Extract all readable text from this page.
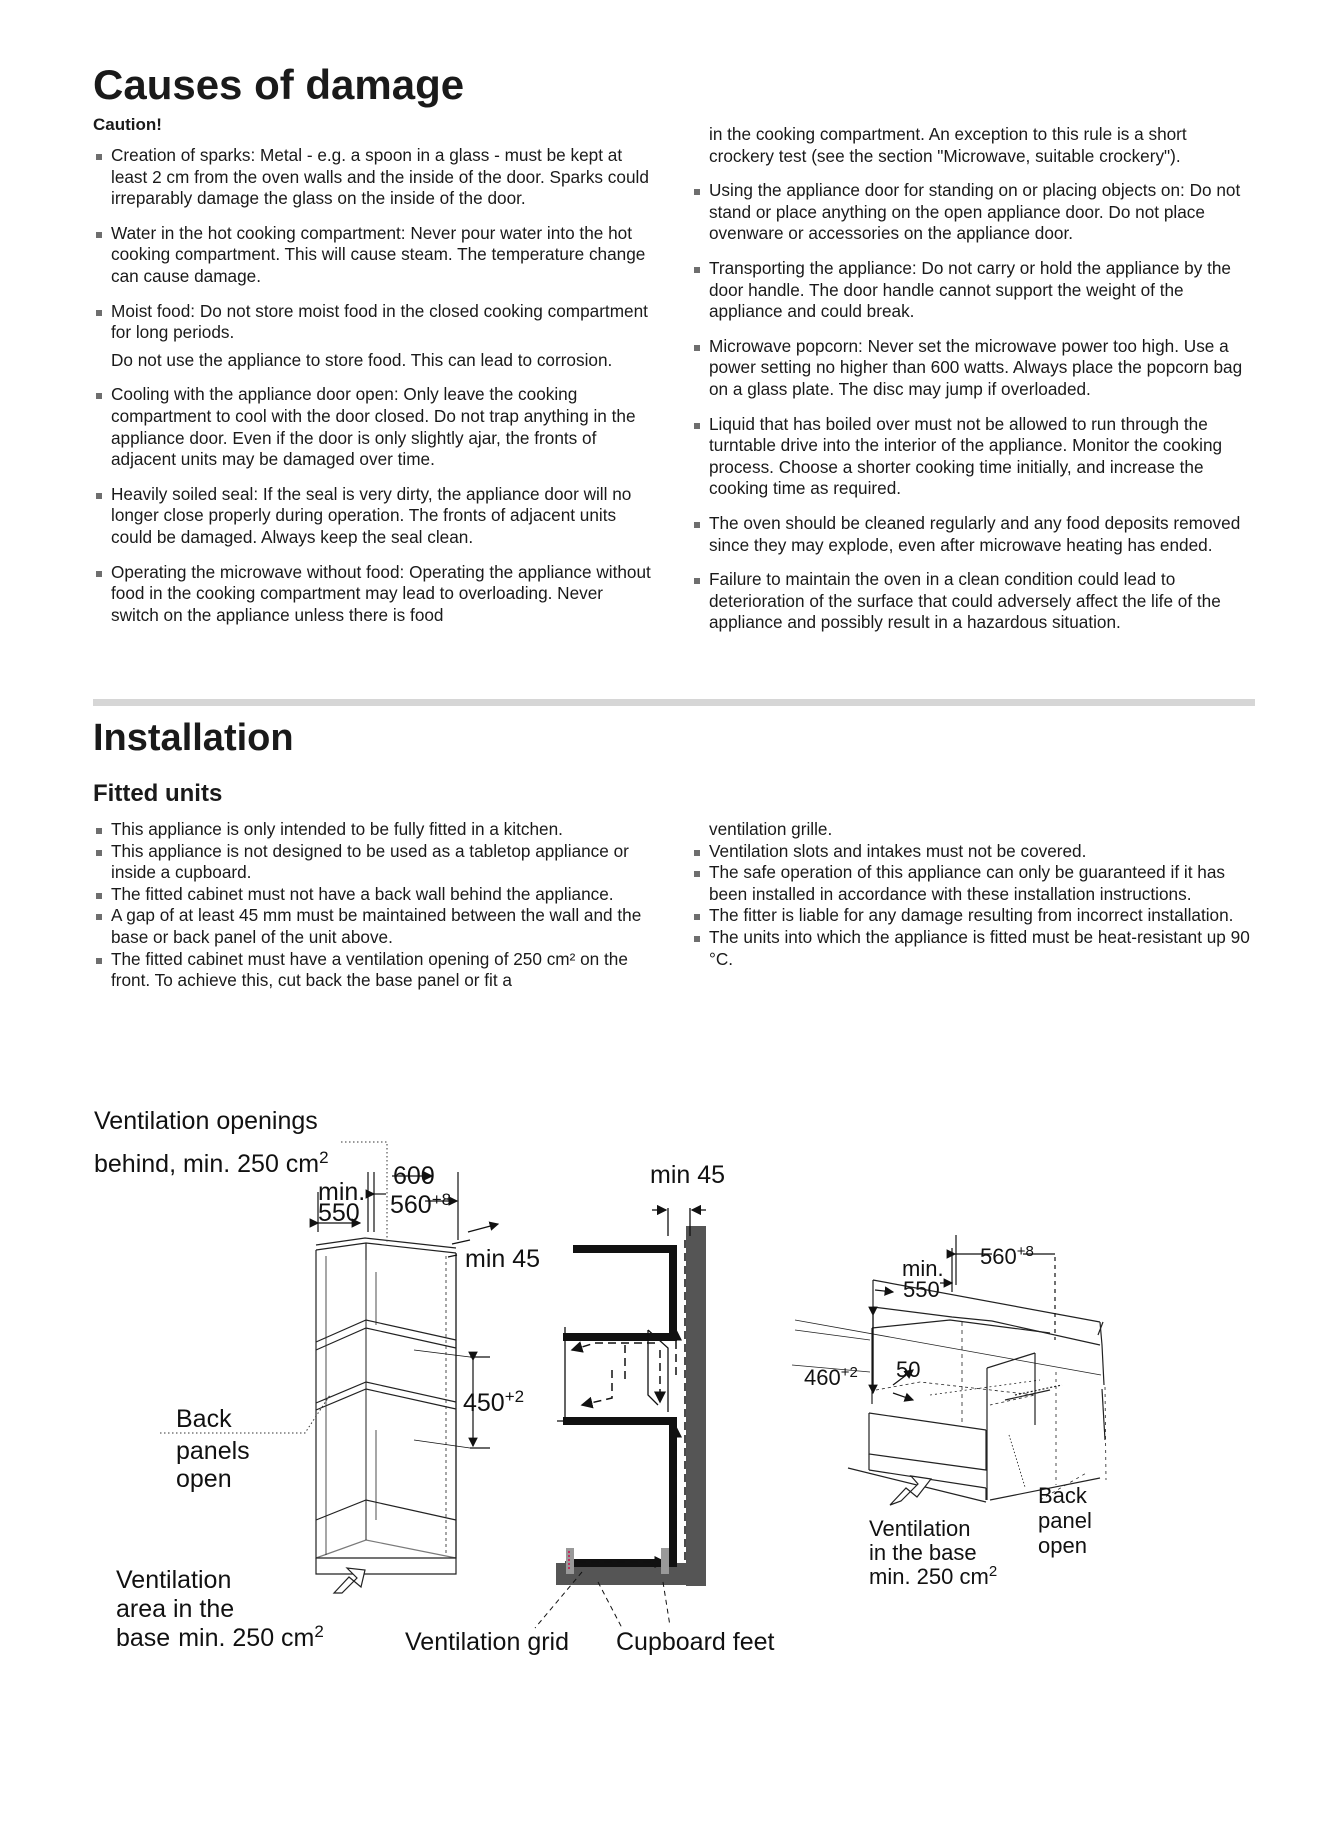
Causes of damage
Caution!
Creation of sparks: Metal - e.g. a spoon in a glass - must be kept at least 2 cm from the oven walls and the inside of the door. Sparks could irreparably damage the glass on the inside of the door.
Water in the hot cooking compartment: Never pour water into the hot cooking compartment. This will cause steam. The temperature change can cause damage.
Moist food: Do not store moist food in the closed cooking compartment for long periods.
Do not use the appliance to store food. This can lead to corrosion.
Cooling with the appliance door open: Only leave the cooking compartment to cool with the door closed. Do not trap anything in the appliance door. Even if the door is only slightly ajar, the fronts of adjacent units may be damaged over time.
Heavily soiled seal: If the seal is very dirty, the appliance door will no longer close properly during operation. The fronts of adjacent units could be damaged. Always keep the seal clean.
Operating the microwave without food: Operating the appliance without food in the cooking compartment may lead to overloading. Never switch on the appliance unless there is food
in the cooking compartment. An exception to this rule is a short crockery test (see the section "Microwave, suitable crockery").
Using the appliance door for standing on or placing objects on: Do not stand or place anything on the open appliance door. Do not place ovenware or accessories on the appliance door.
Transporting the appliance: Do not carry or hold the appliance by the door handle. The door handle cannot support the weight of the appliance and could break.
Microwave popcorn: Never set the microwave power too high. Use a power setting no higher than 600 watts. Always place the popcorn bag on a glass plate. The disc may jump if overloaded.
Liquid that has boiled over must not be allowed to run through the turntable drive into the interior of the appliance. Monitor the cooking process. Choose a shorter cooking time initially, and increase the cooking time as required.
The oven should be cleaned regularly and any food deposits removed since they may explode, even after microwave heating has ended.
Failure to maintain the oven in a clean condition could lead to deterioration of the surface that could adversely affect the life of the appliance and possibly result in a hazardous situation.
Installation
Fitted units
This appliance is only intended to be fully fitted in a kitchen.
This appliance is not designed to be used as a tabletop appliance or inside a cupboard.
The fitted cabinet must not have a back wall behind the appliance.
A gap of at least 45 mm must be maintained between the wall and the base or back panel of the unit above.
The fitted cabinet must have a ventilation opening of 250 cm² on the front. To achieve this, cut back the base panel or fit a
ventilation grille.
Ventilation slots and intakes must not be covered.
The safe operation of this appliance can only be guaranteed if it has been installed in accordance with these installation instructions.
The fitter is liable for any damage resulting from incorrect installation.
The units into which the appliance is fitted must be heat-resistant up 90 °C.
Ventilation openings
behind, min. 250 $cm^2$
600
min.
550 $560^{+8}$
min 45
$450^{+2}$
Back
panels
open
Ventilation
area in the
base min. 250 $cm^2$	Ventilation grid Cupboard feet
min 45
min.
550
$560^{+8}$
$460^{+2}$ 50
Back
panel
open
Ventilation
in the base
min. 250 $cm^2$
